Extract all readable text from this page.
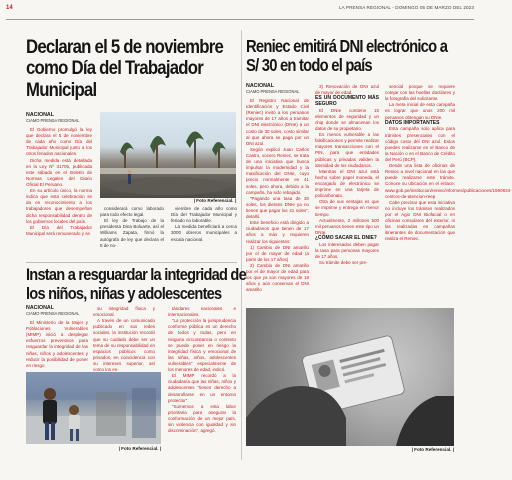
14	LA PRENSA REGIONAL - DOMINGO 05 DE MARZO DEL 2023
Declaran el 5 de noviembre como Día del Trabajador Municipal
NACIONAL
CIAMO PRENSA REGIONAL

El Gobierno promulgó la ley que declara el 5 de noviembre de cada año como Día del Trabajador Municipal junto a los otros feriados nacionales.

Dicha medida está detallada en la Ley Nº 31705, publicada este sábado en el Boletín de Normas Legales del Diario Oficial El Peruano.

En su artículo único, la norma indica que esta celebración se da en reconocimiento a los trabajadores que desempeñan dicha responsabilidad dentro de los gobiernos locales del país.

El Día del Trabajador Municipal será remunerado y se

| Foto Referencial. |

considerará como laborado para todo efecto legal.

El ley de Trabajo de la presidenta Dina Boluarte, así el Williams Zapata, firmó la autógrafa de ley que declara el 5 de no-

viembre de cada año como Día del Trabajador Municipal y feriado no laborable.

La medida beneficiará a cerca 3000 obreros municipales a escala nacional.

Reniec emitirá DNI electrónico a S/ 30 en todo el país
NACIONAL
CIAMO PRENSA REGIONAL

El Registro Nacional de Identificación y Estado Civil (Reniec) invitó a los peruanos mayores de 17 años a tramitar el DNI electrónico (DNIe) a un costo de 30 soles, costo similar al que ahora se paga por un DNI azul.

Según explicó Juan Carlos Castro, vocero Reniec, se trata de una iniciativa que busca impulsar la modernidad y la masificación del DNIe, cuyo precio normalmente es 41 soles, pero ahora, debido a la campaña, ha sido rebajado.

“Pagando una tasa de 30 soles, los dientes DNIe ya no tienen que pagar los 41 soles”, detalló.

Este beneficio está dirigido a ciudadanos que tienen de 17 años a más y requieren realizar los siguientes:

1) Cambio de DNI amarillo por el de mayor de edad (a partir de los 17 años)

2) Cambio de DNI amarillo por el de mayor de edad para los que ya son mayores de 18 años y aún conservan el DNI amarillo

3) Renovación de DNI azul de mayor de edad.

ES UN DOCUMENTO MÁS SEGURO

El DNIe contiene 15 elementos de seguridad y un chip donde se almacenan los datos de su propietario.

Es menos vulnerable a las falsificaciones y permite realizar mayores transacciones con el PIN, para que entidades públicas y privadas validen la identidad de los ciudadanos.

Mientras el DNI azul está hecho sobre papel moneda, el encargado de electrónico se imprime en una tarjeta de policarbonato.

Otra de sus ventajas es que se imprime y entrega en menor tiempo.

Actualmente, 2 millones 500 mil peruanos tienen este tipo un DNIe.

¿CÓMO SACAR EL DNIE?

Los interesados deben pagar la tasa para personas mayores de 17 años.

Su trámite debe ser pre-

sencial porque se requiere cotejar con las huellas dactilares y la fotografía del solicitante.

La meta inicial de esta campaña es lograr que unos 200 mil peruanos obtengan su DNIe.

DATOS IMPORTANTES

Esta campaña solo aplica para trámites presenciales con el código costo del DNI azul. Estos pueden realizarse en el Banco de la Nación o en el Banco de Crédito del Perú (BCP).

Desde una lista de oficinas de Reniec a nivel nacional en las que puede realizarse este trámite. Conoce su ubicación en el enlace: www.gob.pe/institucion/reniec/informes/publicaciones/1590934-centros-de-atencion-reep

Cabe precisar que esta iniciativa no incluye los trámites realizados por el Agio DNI Biofacial o en oficinas consulares del exterior, ni las realizadas en campañas itinerantes de documentación que realiza el Reniec.

| Foto Referencial. |
Instan a resguardar la integridad de los niños, niñas y adolescentes
NACIONAL
CIAMO PRENSA REGIONAL

El Ministerio de la Mujer y Poblaciones Vulnerables (MIMP) inició a desplegar esfuerzos preventivos para resguardar la integridad de las niñas, niños y adolescentes y reducir la posibilidad de poner en riesgo

| Foto Referencial. |

su integridad física y emocional.

A través de un comunicado publicado en sus redes sociales, la institución recordó que su cuidado debe ser un tema de su responsabilidad en espacios públicos como privados, en coincidencia con su intereses superior, así como los es-

tándares nacionales e internacionales.

“La protección la jurisprudencia conforme pública es un derecho de todos y todas, pero en ninguna circunstancia o contexto se puede poner en riesgo la integridad física y emocional de las niñas, niños, adolescentes vulnerables” especialmente de los menores de edad, indicó.

El MIMP recordó a la ciudadanía que las niñas, niños y adolescentes “tienen derecho a desarrollarse en un entorno protector”.

“Sumemos a esta labor prioritaria para asegurar la conformación de un mejor país, sin violencia con igualdad y sin discriminación”, agregó.
